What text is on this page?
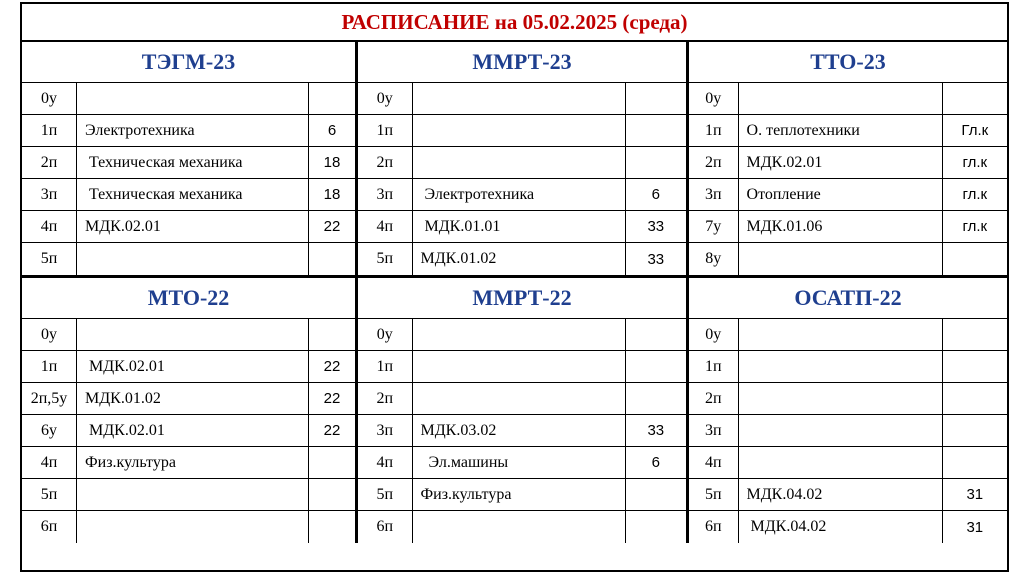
РАСПИСАНИЕ на 05.02.2025 (среда)
ТЭГМ-23
0у
1п	Электротехника	6
2п	Техническая механика	18
3п	Техническая механика	18
4п	МДК.02.01	22
5п
ММРТ-23
0у
1п
2п
3п	Электротехника	6
4п	МДК.01.01	33
5п	МДК.01.02	33
ТТО-23
0у
1п	О. теплотехники	Гл.к
2п	МДК.02.01	гл.к
3п	Отопление	гл.к
7у	МДК.01.06	гл.к
8у
МТО-22
0у
1п	МДК.02.01	22
2п,5у	МДК.01.02	22
6у	МДК.02.01	22
4п	Физ.культура
5п
6п
ММРТ-22
0у
1п
2п
3п	МДК.03.02	33
4п	Эл.машины	6
5п	Физ.культура
6п
ОСАТП-22
0у
1п
2п
3п
4п
5п	МДК.04.02	31
6п	МДК.04.02	31
